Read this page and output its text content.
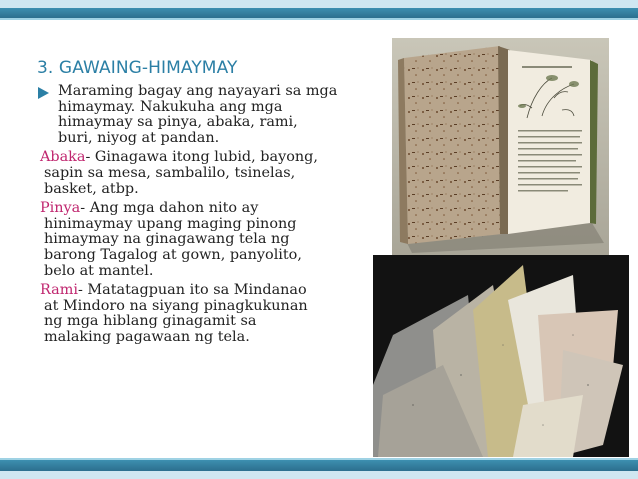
3. GAWAING-HIMAYMAY
Maraming bagay ang nayayari sa mga
himaymay. Nakukuha ang mga
himaymay sa pinya, abaka, rami,
buri, niyog at pandan.
Abaka- Ginagawa itong lubid, bayong,
sapin sa mesa, sambalilo, tsinelas,
basket, atbp.
Pinya- Ang mga dahon nito ay
hinimaymay upang maging pinong
himaymay na ginagawang tela ng
barong Tagalog at gown, panyolito,
belo at mantel.
Rami- Matatagpuan ito sa Mindanao
at Mindoro na siyang pinagkukunan
ng mga hiblang ginagamit sa
malaking pagawaan ng tela.
